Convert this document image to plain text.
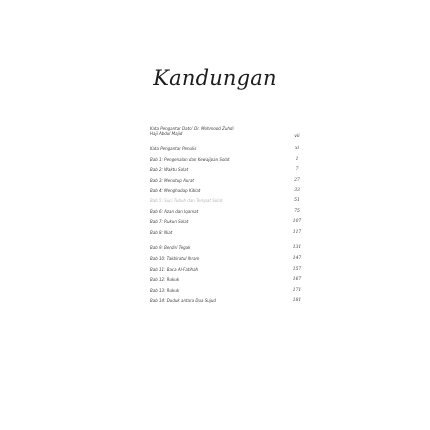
Kandungan
Kata Pengantar Dato’ Dr. Mohmood Zuhdi
Haji Abdul Majid
vii
Kata Pengantar Penulis	xi
Bab 1: Pengenalan dan Kewajipan Solat	1
Bab 2: Waktu Solat	7
Bab 3: Menutup Aurat	27
Bab 4: Menghadap Kiblat	33
Bab 5: Suci Tubuh dan Tempat Solat	51
Bab 6: Azan dan Iqamat	75
Bab 7: Rukun Solat	107
Bab 8: Niat	117
Bab 9: Berdiri Tegak	131
Bab 10: Takbiratul Ihram	147
Bab 11: Baca Al-Fatihah	157
Bab 12: Rukuk	167
Bab 13: Rukuk	171
Bab 14: Duduk antara Dua Sujud	181
